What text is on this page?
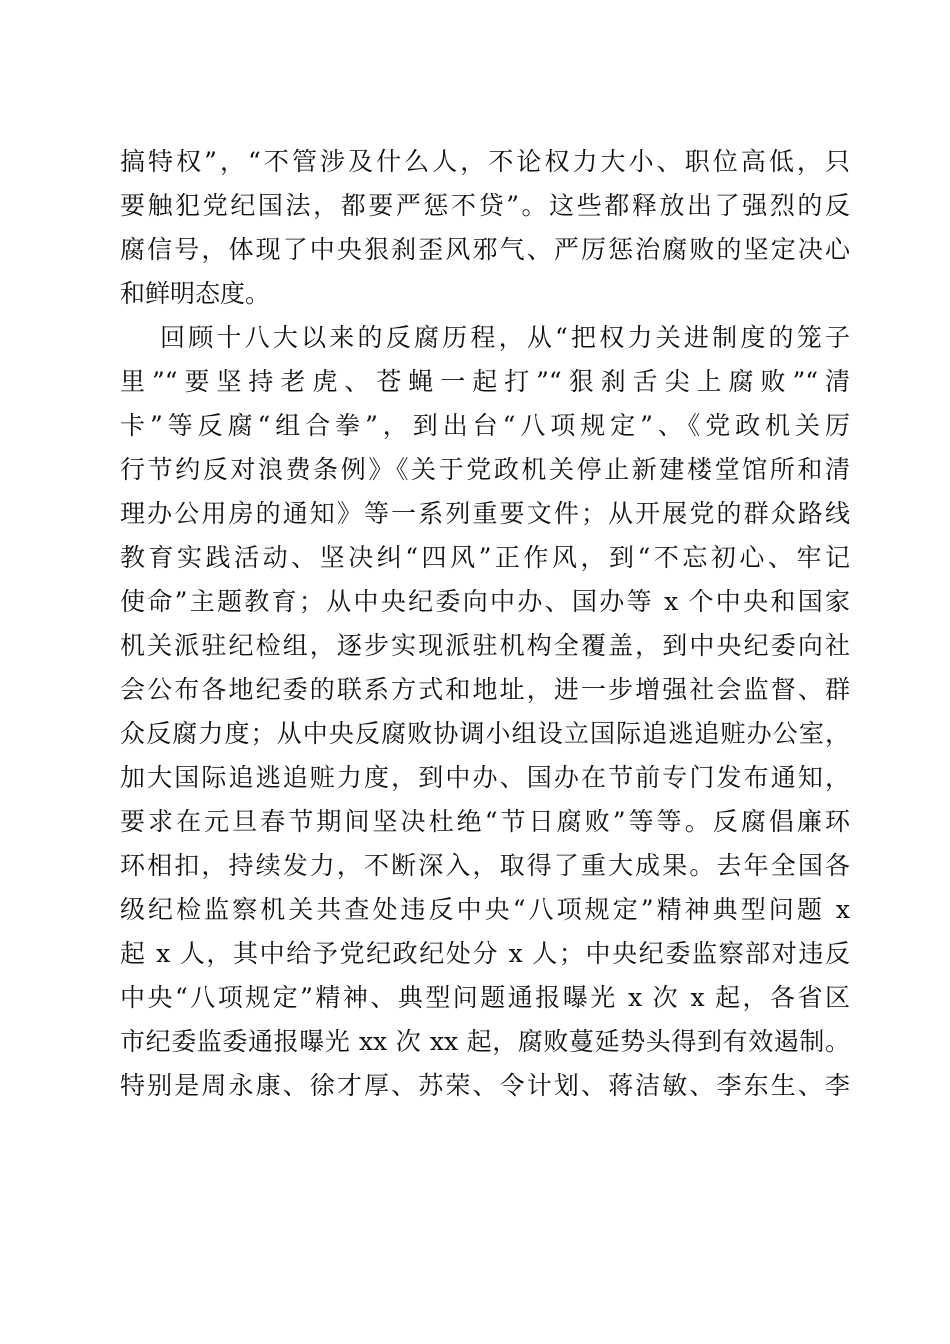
搞特权”，“不管涉及什么人，不论权力大小、职位高低，只
要触犯党纪国法，都要严惩不贷”。这些都释放出了强烈的反
腐信号，体现了中央狠刹歪风邪气、严厉惩治腐败的坚定决心
和鲜明态度。
回顾十八大以来的反腐历程，从“把权力关进制度的笼子
里”“要坚持老虎、苍蝇一起打”“狠刹舌尖上腐败”“清
卡”等反腐“组合拳”，到出台“八项规定”、《党政机关厉
行节约反对浪费条例》《关于党政机关停止新建楼堂馆所和清
理办公用房的通知》等一系列重要文件；从开展党的群众路线
教育实践活动、坚决纠“四风”正作风，到“不忘初心、牢记
使命”主题教育；从中央纪委向中办、国办等 x 个中央和国家
机关派驻纪检组，逐步实现派驻机构全覆盖，到中央纪委向社
会公布各地纪委的联系方式和地址，进一步增强社会监督、群
众反腐力度；从中央反腐败协调小组设立国际追逃追赃办公室，
加大国际追逃追赃力度，到中办、国办在节前专门发布通知，
要求在元旦春节期间坚决杜绝“节日腐败”等等。反腐倡廉环
环相扣，持续发力，不断深入，取得了重大成果。去年全国各
级纪检监察机关共查处违反中央“八项规定”精神典型问题 x
起 x 人，其中给予党纪政纪处分 x 人；中央纪委监察部对违反
中央“八项规定”精神、典型问题通报曝光 x 次 x 起，各省区
市纪委监委通报曝光 xx 次 xx 起，腐败蔓延势头得到有效遏制。
特别是周永康、徐才厚、苏荣、令计划、蒋洁敏、李东生、李
